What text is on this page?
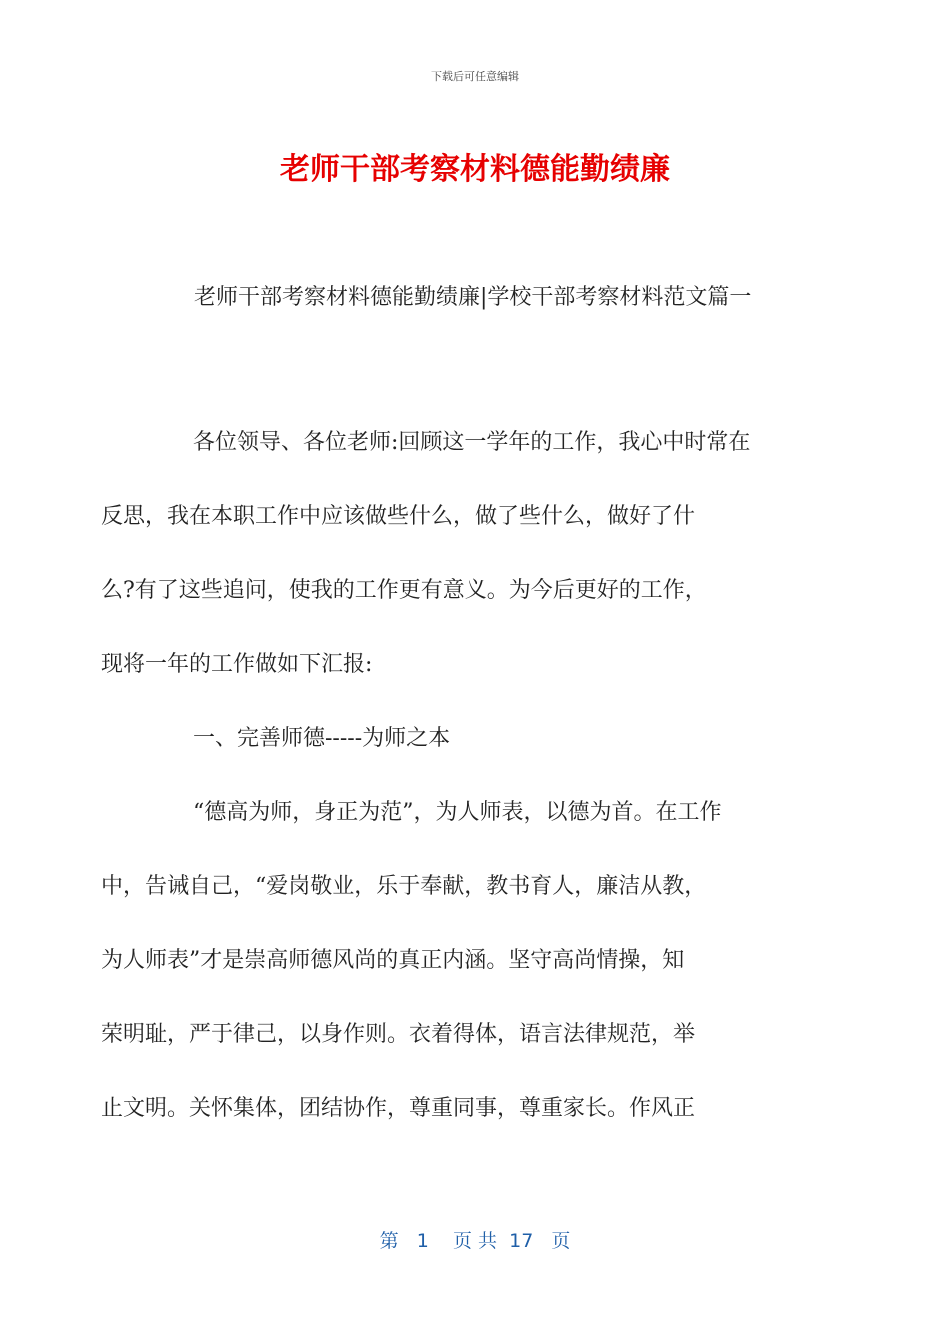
下载后可任意编辑
老师干部考察材料德能勤绩廉
老师干部考察材料德能勤绩廉|学校干部考察材料范文篇一

各位领导、各位老师:回顾这一学年的工作，我心中时常在
反思，我在本职工作中应该做些什么，做了些什么，做好了什
么?有了这些追问，使我的工作更有意义。为今后更好的工作，
现将一年的工作做如下汇报:

一、完善师德-----为师之本

“德高为师，身正为范”，为人师表，以德为首。在工作
中，告诫自己，“爱岗敬业，乐于奉献，教书育人，廉洁从教，
为人师表”才是崇高师德风尚的真正内涵。坚守高尚情操，知
荣明耻，严于律己，以身作则。衣着得体，语言法律规范，举
止文明。关怀集体，团结协作，尊重同事，尊重家长。作风正

第 1 页 共 17 页
